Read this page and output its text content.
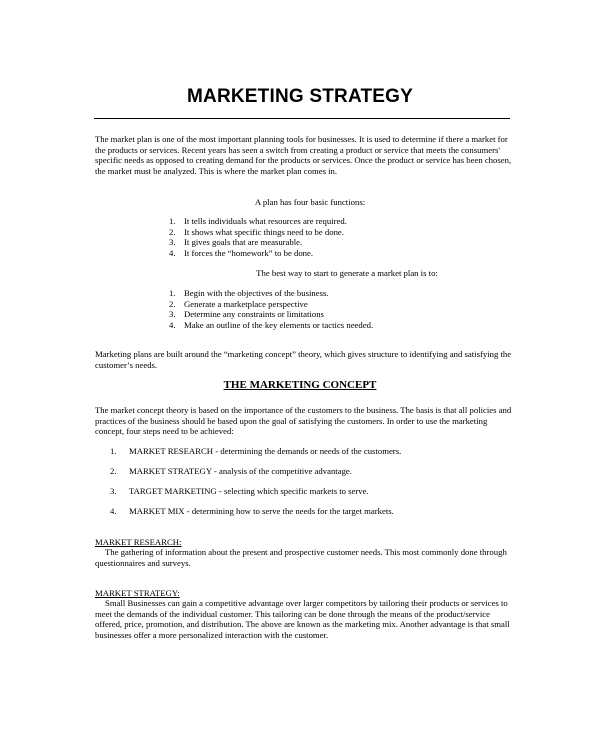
MARKETING STRATEGY

The market plan is one of the most important planning tools for businesses. It is used to determine if there a market for the products or services. Recent years has seen a switch from creating a product or service that meets the consumers' specific needs as opposed to creating demand for the products or services. Once the product or service has been chosen, the market must be analyzed. This is where the market plan comes in.

A plan has four basic functions:
1. It tells individuals what resources are required.
2. It shows what specific things need to be done.
3. It gives goals that are measurable.
4. It forces the “homework” to be done.
The best way to start to generate a market plan is to:
1. Begin with the objectives of the business.
2. Generate a marketplace perspective
3. Determine any constraints or limitations
4. Make an outline of the key elements or tactics needed.

Marketing plans are built around the “marketing concept” theory, which gives structure to identifying and satisfying the customer’s needs.

THE MARKETING CONCEPT

The market concept theory is based on the importance of the customers to the business. The basis is that all policies and practices of the business should be based upon the goal of satisfying the customers. In order to use the marketing concept, four steps need to be achieved:

1. MARKET RESEARCH - determining the demands or needs of the customers.
2. MARKET STRATEGY - analysis of the competitive advantage.
3. TARGET MARKETING - selecting which specific markets to serve.
4. MARKET MIX - determining how to serve the needs for the target markets.
MARKET RESEARCH:

The gathering of information about the present and prospective customer needs. This most commonly done through questionnaires and surveys.

MARKET STRATEGY:

Small Businesses can gain a competitive advantage over larger competitors by tailoring their products or services to meet the demands of the individual customer. This tailoring can be done through the means of the product/service offered, price, promotion, and distribution. The above are known as the marketing mix. Another advantage is that small businesses offer a more personalized interaction with the customer.
